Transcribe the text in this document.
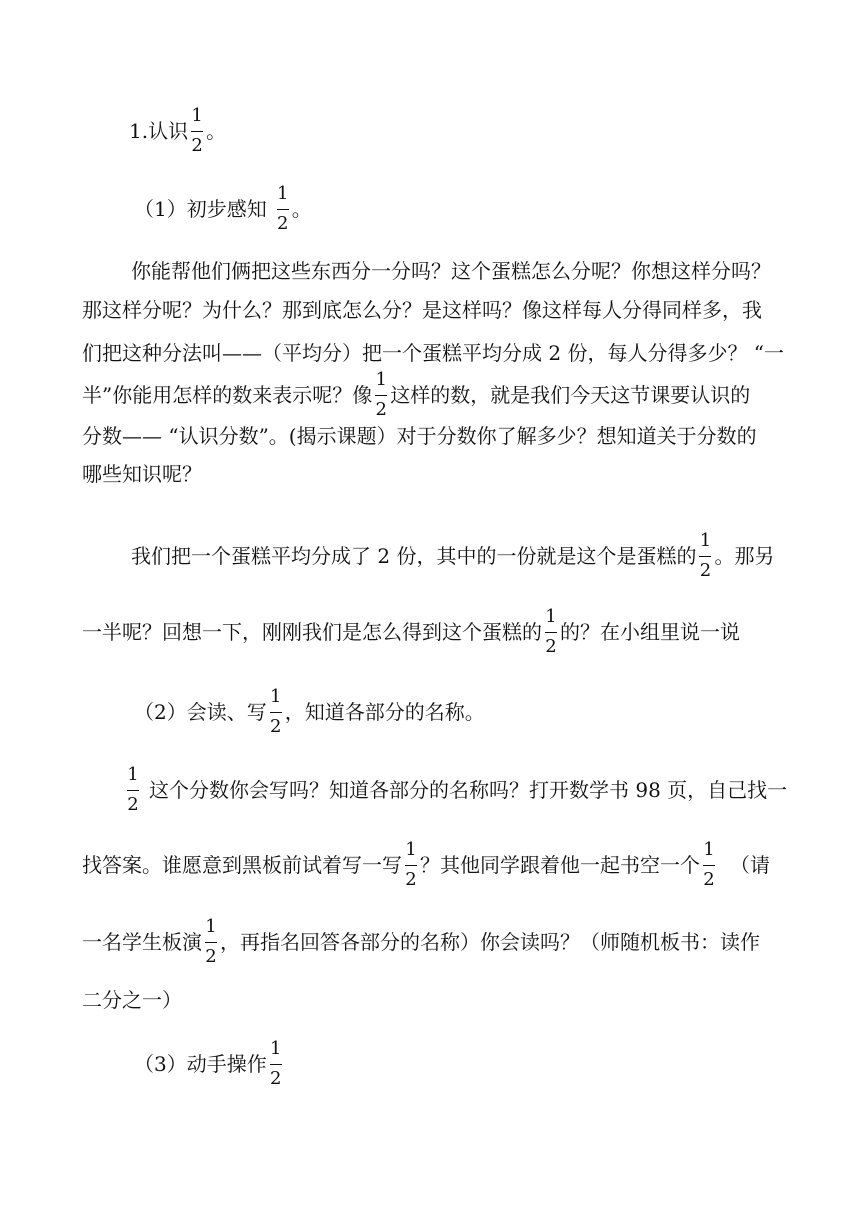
1.认识 $\frac{1}{2}$ 。
（1）初步感知 $\frac{1}{2}$ 。
你能帮他们俩把这些东西分一分吗？这个蛋糕怎么分呢？你想这样分吗？
那这样分呢？为什么？那到底怎么分？是这样吗？像这样每人分得同样多，我
们把这种分法叫——（平均分）把一个蛋糕平均分成 2 份，每人分得多少？ “一
半”你能用怎样的数来表示呢？像 $\frac{1}{2}$ 这样的数，就是我们今天这节课要认识的
分数—— “认识分数”。(揭示课题）对于分数你了解多少？想知道关于分数的
哪些知识呢？
我们把一个蛋糕平均分成了 2 份，其中的一份就是这个是蛋糕的 $\frac{1}{2}$ 。那另
一半呢？回想一下，刚刚我们是怎么得到这个蛋糕的 $\frac{1}{2}$ 的？在小组里说一说
（2）会读、写 $\frac{1}{2}$ ，知道各部分的名称。
$\frac{1}{2}$ 这个分数你会写吗？知道各部分的名称吗？打开数学书 98 页，自己找一
找答案。谁愿意到黑板前试着写一写 $\frac{1}{2}$ ？其他同学跟着他一起书空一个 $\frac{1}{2}$ （请
一名学生板演 $\frac{1}{2}$ ，再指名回答各部分的名称）你会读吗？（师随机板书：读作
二分之一）
（3）动手操作 $\frac{1}{2}$
